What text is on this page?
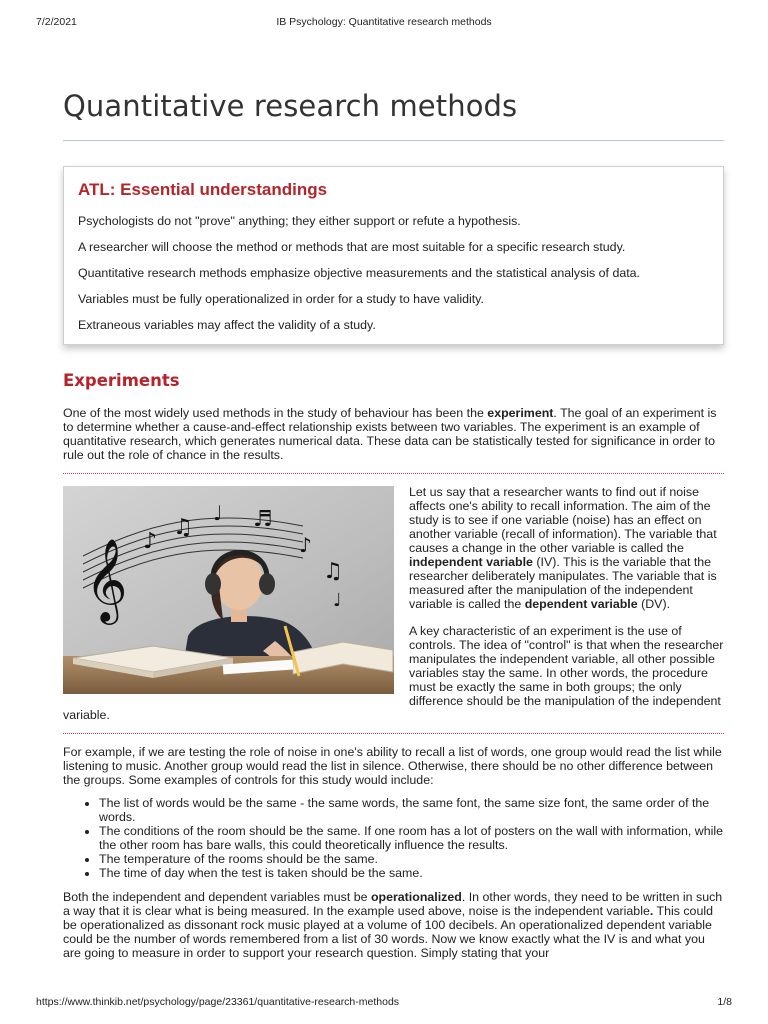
7/2/2021	IB Psychology: Quantitative research methods
Quantitative research methods
ATL: Essential understandings

Psychologists do not "prove" anything; they either support or refute a hypothesis.

A researcher will choose the method or methods that are most suitable for a specific research study.

Quantitative research methods emphasize objective measurements and the statistical analysis of data.

Variables must be fully operationalized in order for a study to have validity.

Extraneous variables may affect the validity of a study.

Experiments

One of the most widely used methods in the study of behaviour has been the experiment. The goal of an experiment is to determine whether a cause-and-effect relationship exists between two variables. The experiment is an example of quantitative research, which generates numerical data. These data can be statistically tested for significance in order to rule out the role of chance in the results.

𝄞 ♪
♫
♩ ♬
♪
♫
♩

Let us say that a researcher wants to find out if noise affects one's ability to recall information. The aim of the study is to see if one variable (noise) has an effect on another variable (recall of information). The variable that causes a change in the other variable is called the independent variable (IV). This is the variable that the researcher deliberately manipulates. The variable that is measured after the manipulation of the independent variable is called the dependent variable (DV).

A key characteristic of an experiment is the use of controls. The idea of "control" is that when the researcher manipulates the independent variable, all other possible variables stay the same. In other words, the procedure must be exactly the same in both groups; the only difference should be the manipulation of the independent variable.

For example, if we are testing the role of noise in one's ability to recall a list of words, one group would read the list while listening to music. Another group would read the list in silence. Otherwise, there should be no other difference between the groups. Some examples of controls for this study would include:

• The list of words would be the same - the same words, the same font, the same size font, the same order of the words.
• The conditions of the room should be the same. If one room has a lot of posters on the wall with information, while the other room has bare walls, this could theoretically influence the results.
• The temperature of the rooms should be the same.
• The time of day when the test is taken should be the same.

Both the independent and dependent variables must be operationalized. In other words, they need to be written in such a way that it is clear what is being measured. In the example used above, noise is the independent variable. This could be operationalized as dissonant rock music played at a volume of 100 decibels. An operationalized dependent variable could be the number of words remembered from a list of 30 words. Now we know exactly what the IV is and what you are going to measure in order to support your research question. Simply stating that your

https://www.thinkib.net/psychology/page/23361/quantitative-research-methods	1/8
